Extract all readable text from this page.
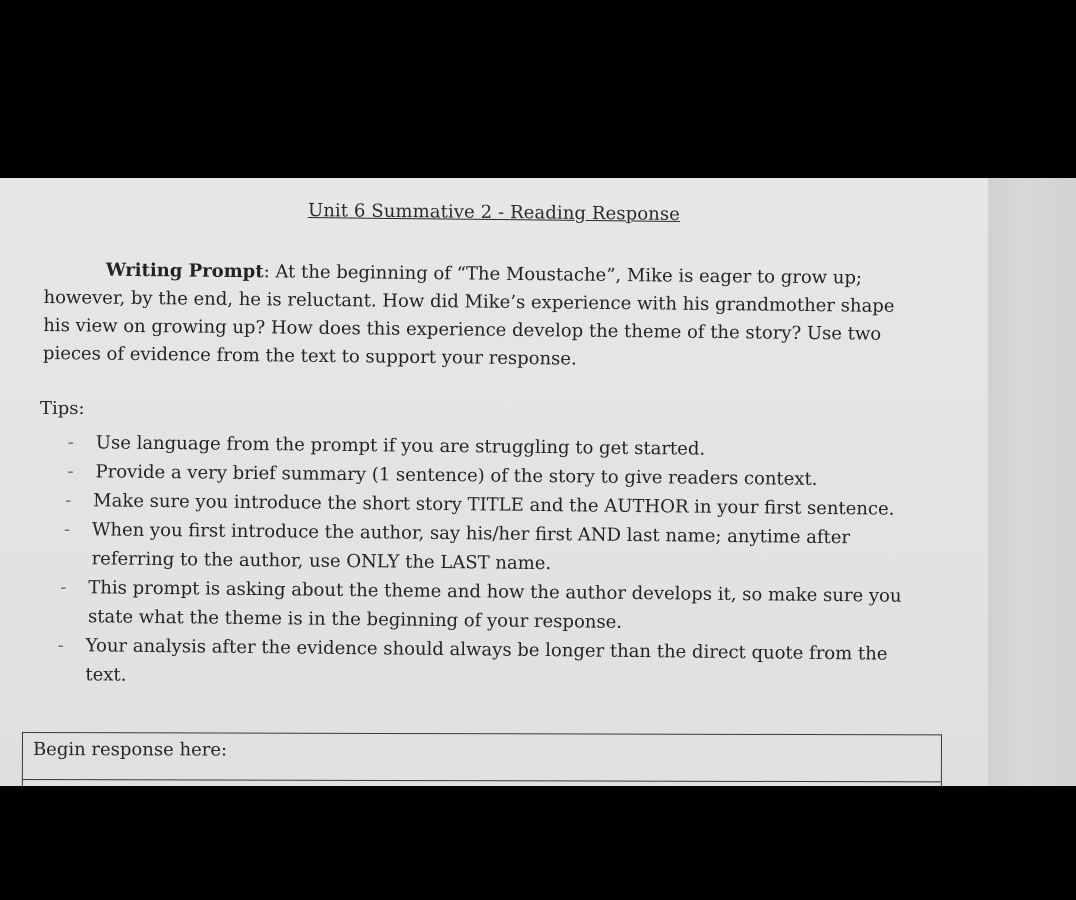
Unit 6 Summative 2 - Reading Response
Writing Prompt: At the beginning of “The Moustache”, Mike is eager to grow up; however, by the end, he is reluctant. How did Mike’s experience with his grandmother shape his view on growing up? How does this experience develop the theme of the story? Use two pieces of evidence from the text to support your response.
Tips:
- Use language from the prompt if you are struggling to get started.
- Provide a very brief summary (1 sentence) of the story to give readers context.
- Make sure you introduce the short story TITLE and the AUTHOR in your first sentence.
- When you first introduce the author, say his/her first AND last name; anytime after referring to the author, use ONLY the LAST name.
- This prompt is asking about the theme and how the author develops it, so make sure you state what the theme is in the beginning of your response.
- Your analysis after the evidence should always be longer than the direct quote from the text.
Begin response here:
